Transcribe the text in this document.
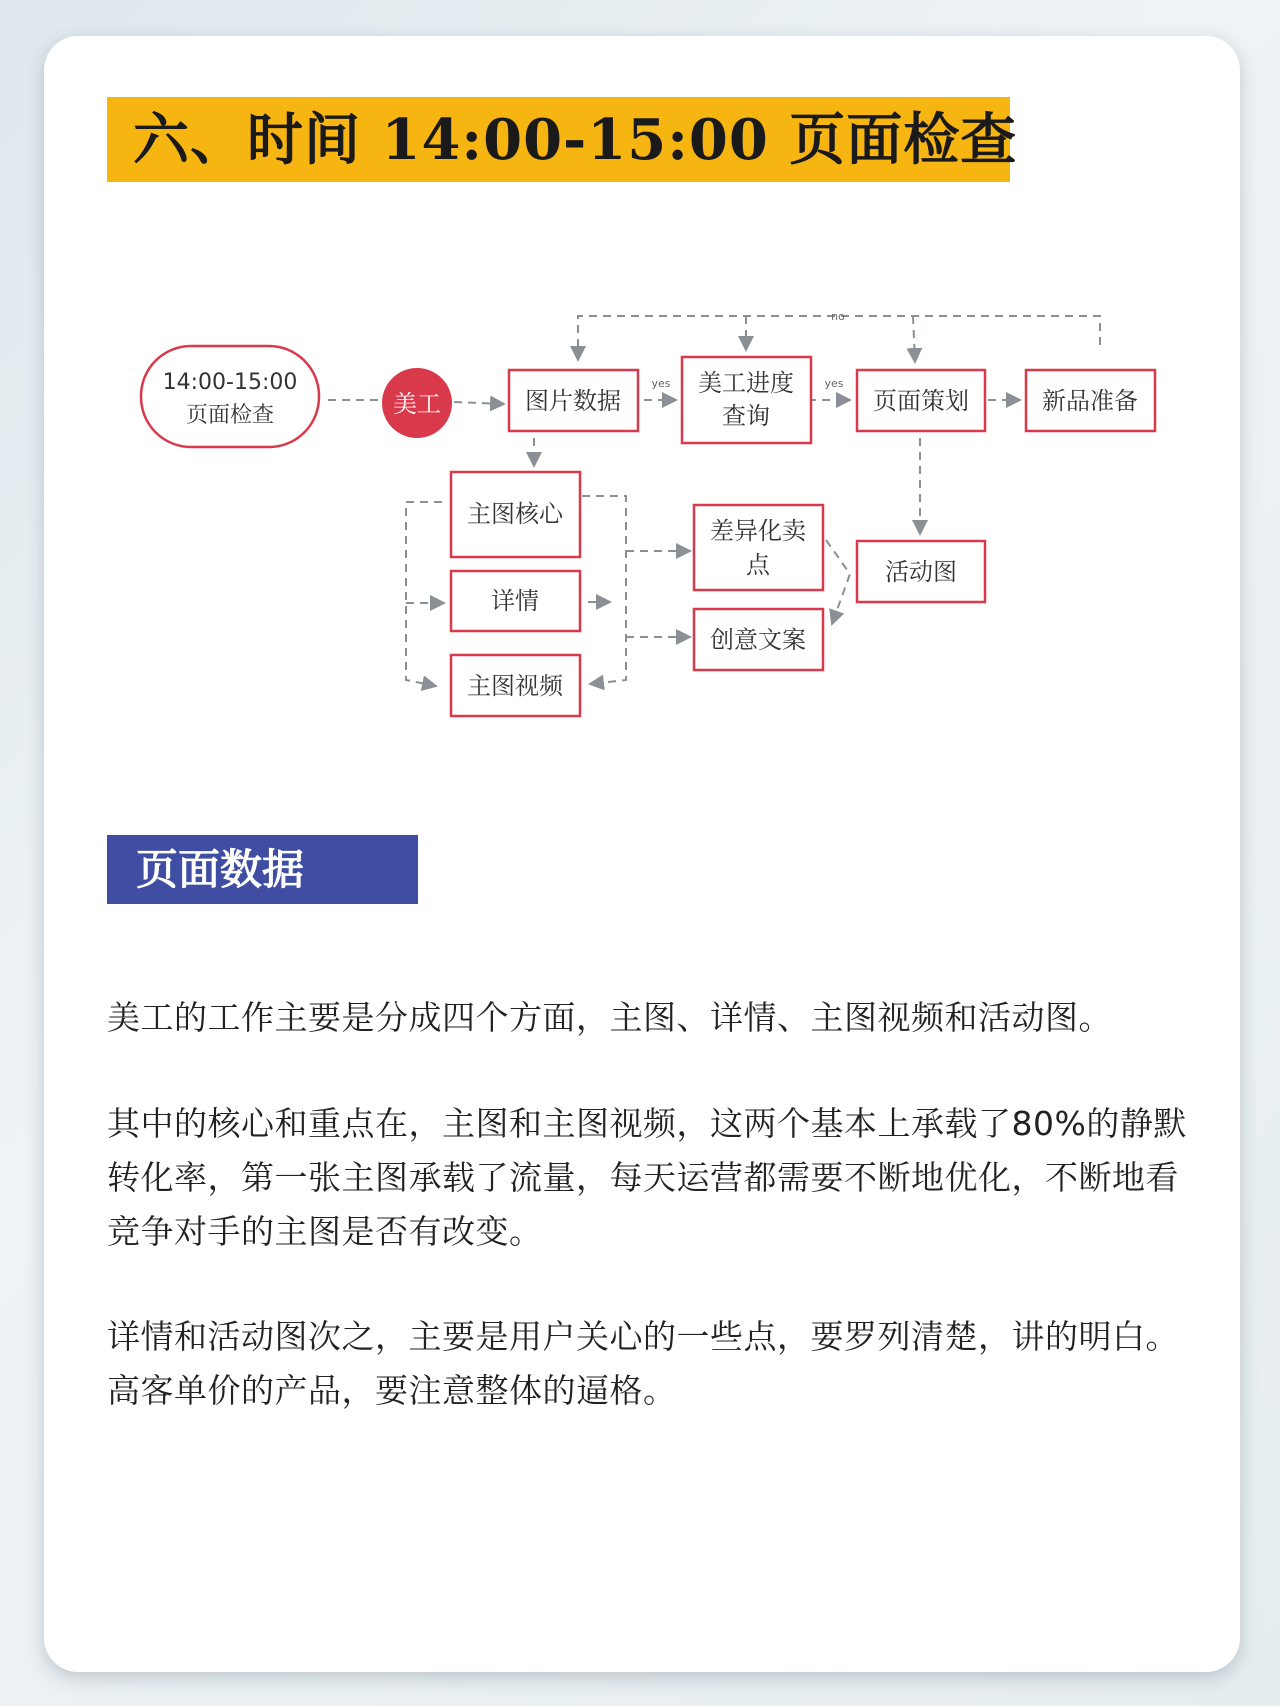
六、时间 14:00-15:00 页面检查
14:00-15:00
页面检查	美工	图片数据
美工进度
查询
页面策划	新品准备
主图核心
详情
主图视频
差异化卖
点
创意文案
活动图
yes	yes
no
页面数据

美工的工作主要是分成四个方面，主图、详情、主图视频和活动图。

其中的核心和重点在，主图和主图视频，这两个基本上承载了80%的静默转化率，第一张主图承载了流量，每天运营都需要不断地优化，不断地看竞争对手的主图是否有改变。

详情和活动图次之，主要是用户关心的一些点，要罗列清楚，讲的明白。高客单价的产品，要注意整体的逼格。
